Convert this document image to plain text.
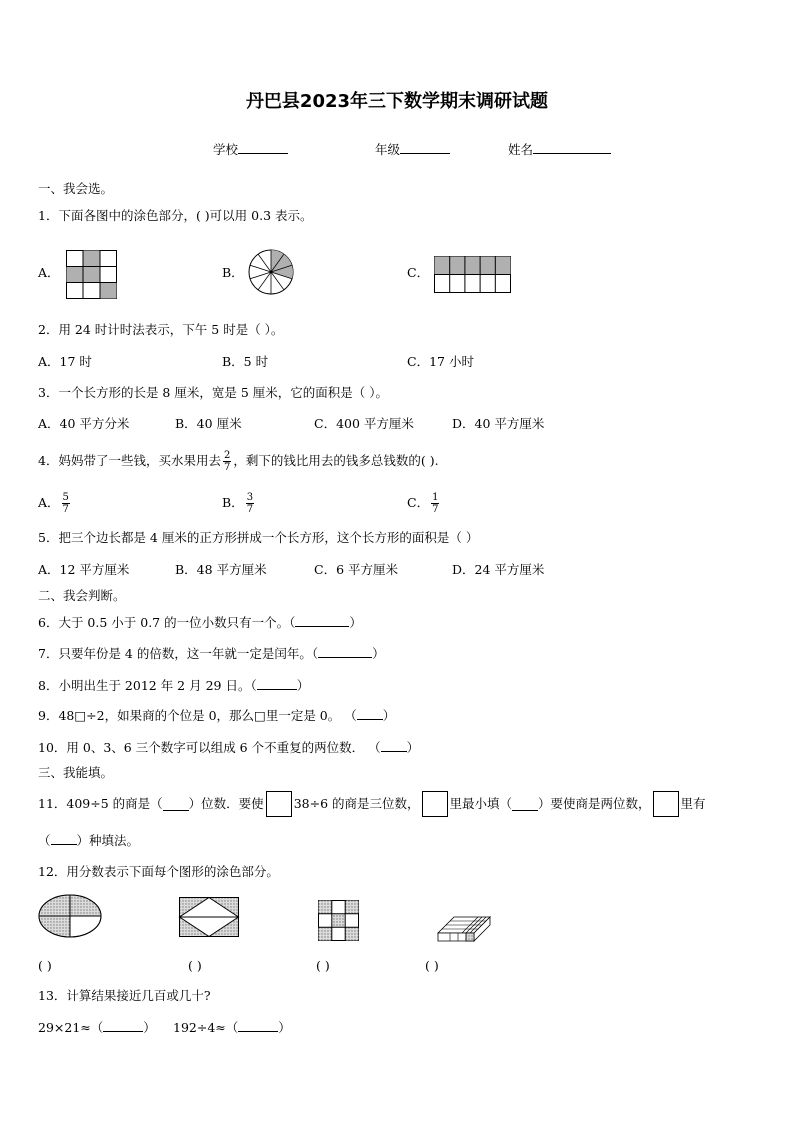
丹巴县2023年三下数学期末调研试题
学校	年级	姓名
一、我会选。
1．下面各图中的涂色部分，( )可以用 0.3 表示。
A．	B．	C．
2．用 24 时计时法表示，下午 5 时是（ ）。
A．17 时	B．5 时	C．17 小时
3．一个长方形的长是 8 厘米，宽是 5 厘米，它的面积是（ ）。
A．40 平方分米	B．40 厘米	C．400 平方厘米	D．40 平方厘米
4．妈妈带了一些钱，买水果用去 $\frac{2}{7}$ ，剩下的钱比用去的钱多总钱数的( ).
A． $\frac{5}{7}$	B． $\frac{3}{7}$	C． $\frac{1}{7}$
5．把三个边长都是 4 厘米的正方形拼成一个长方形，这个长方形的面积是（ ）
A．12 平方厘米	B．48 平方厘米	C．6 平方厘米	D．24 平方厘米
二、我会判断。
6．大于 0.5 小于 0.7 的一位小数只有一个。（	）
7．只要年份是 4 的倍数，这一年就一定是闰年。（	）
8．小明出生于 2012 年 2 月 29 日。（	）
9．48□÷2，如果商的个位是 0，那么□里一定是 0。 （ ）
10．用 0、3、6 三个数字可以组成 6 个不重复的两位数． （ ）
三、我能填。
11．409÷5 的商是（ ）位数．要使 38÷6 的商是三位数， 里最小填（ ）要使商是两位数， 里有
（ ）种填法。
12．用分数表示下面每个图形的涂色部分。
( )	( )	( )	( )
13．计算结果接近几百或几十?
29×21≈（	） 192÷4≈（	）
